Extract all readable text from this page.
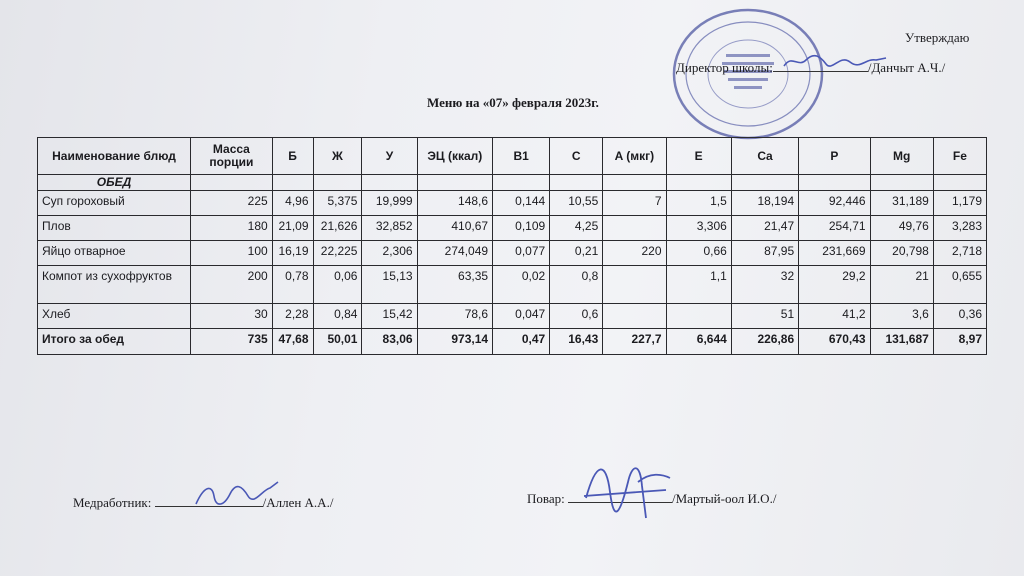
Утверждаю
Директор школы:	/Данчыт А.Ч./
Меню на «07» февраля 2023г.
Наименование блюд	Масса порции	Б	Ж	У	ЭЦ (ккал)	B1	C	A (мкг)	E	Ca	P	Mg	Fe
ОБЕД													
Суп гороховый	225	4,96	5,375	19,999	148,6	0,144	10,55	7	1,5	18,194	92,446	31,189	1,179
Плов	180	21,09	21,626	32,852	410,67	0,109	4,25		3,306	21,47	254,71	49,76	3,283
Яйцо отварное	100	16,19	22,225	2,306	274,049	0,077	0,21	220	0,66	87,95	231,669	20,798	2,718
Компот из сухофруктов	200	0,78	0,06	15,13	63,35	0,02	0,8		1,1	32	29,2	21	0,655
Хлеб	30	2,28	0,84	15,42	78,6	0,047	0,6			51	41,2	3,6	0,36
Итого за обед	735	47,68	50,01	83,06	973,14	0,47	16,43	227,7	6,644	226,86	670,43	131,687	8,97
Медработник:	/Аллен А.А./	Повар:	/Мартый-оол И.О./
